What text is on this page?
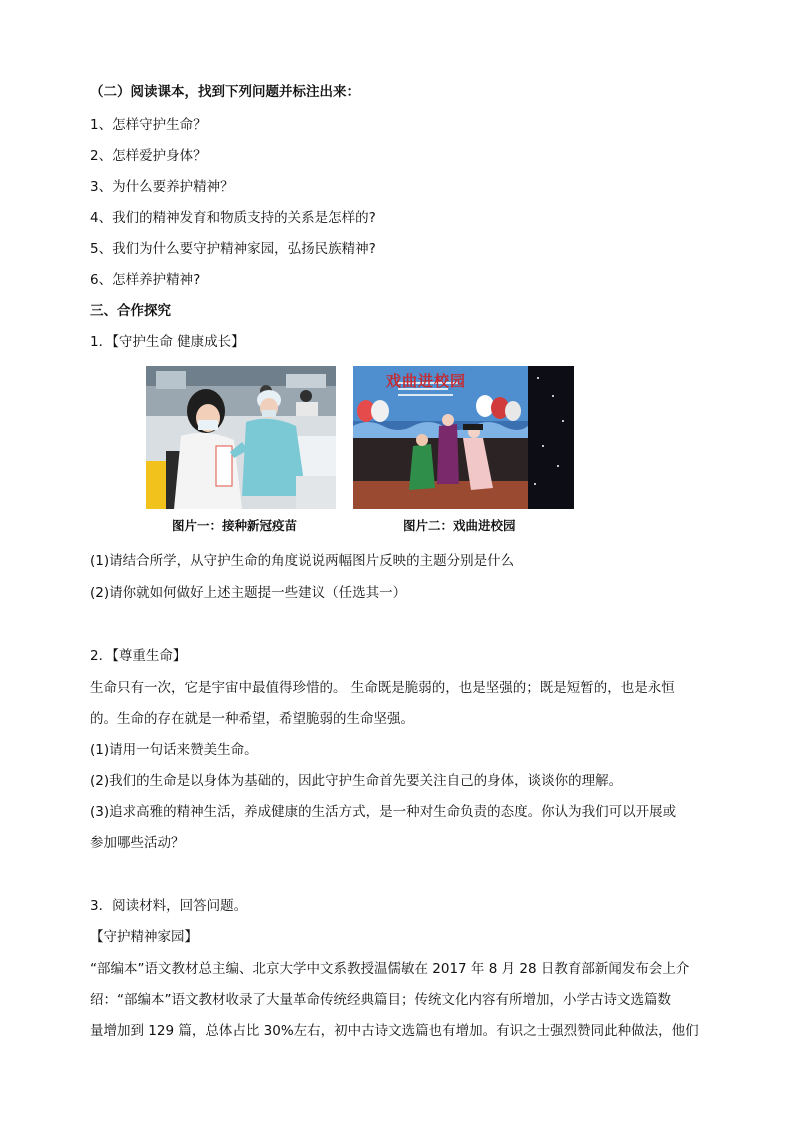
（二）阅读课本，找到下列问题并标注出来：
1、怎样守护生命？
2、怎样爱护身体？
3、为什么要养护精神？
4、我们的精神发育和物质支持的关系是怎样的?
5、我们为什么要守护精神家园，弘扬民族精神?
6、怎样养护精神?
三、合作探究
1．【守护生命 健康成长】
戏曲进校园
图片一：接种新冠疫苗	图片二：戏曲进校园
(1)请结合所学，从守护生命的角度说说两幅图片反映的主题分别是什么
(2)请你就如何做好上述主题提一些建议（任选其一）
2．【尊重生命】
生命只有一次，它是宇宙中最值得珍惜的。 生命既是脆弱的，也是坚强的；既是短暂的，也是永恒
的。生命的存在就是一种希望，希望脆弱的生命坚强。
(1)请用一句话来赞美生命。
(2)我们的生命是以身体为基础的，因此守护生命首先要关注自己的身体，谈谈你的理解。
(3)追求高雅的精神生活，养成健康的生活方式，是一种对生命负责的态度。你认为我们可以开展或
参加哪些活动？
3．阅读材料，回答问题。
【守护精神家园】
“部编本”语文教材总主编、北京大学中文系教授温儒敏在 2017 年 8 月 28 日教育部新闻发布会上介
绍：“部编本”语文教材收录了大量革命传统经典篇目；传统文化内容有所增加，小学古诗文选篇数
量增加到 129 篇，总体占比 30%左右，初中古诗文选篇也有增加。有识之士强烈赞同此种做法，他们
